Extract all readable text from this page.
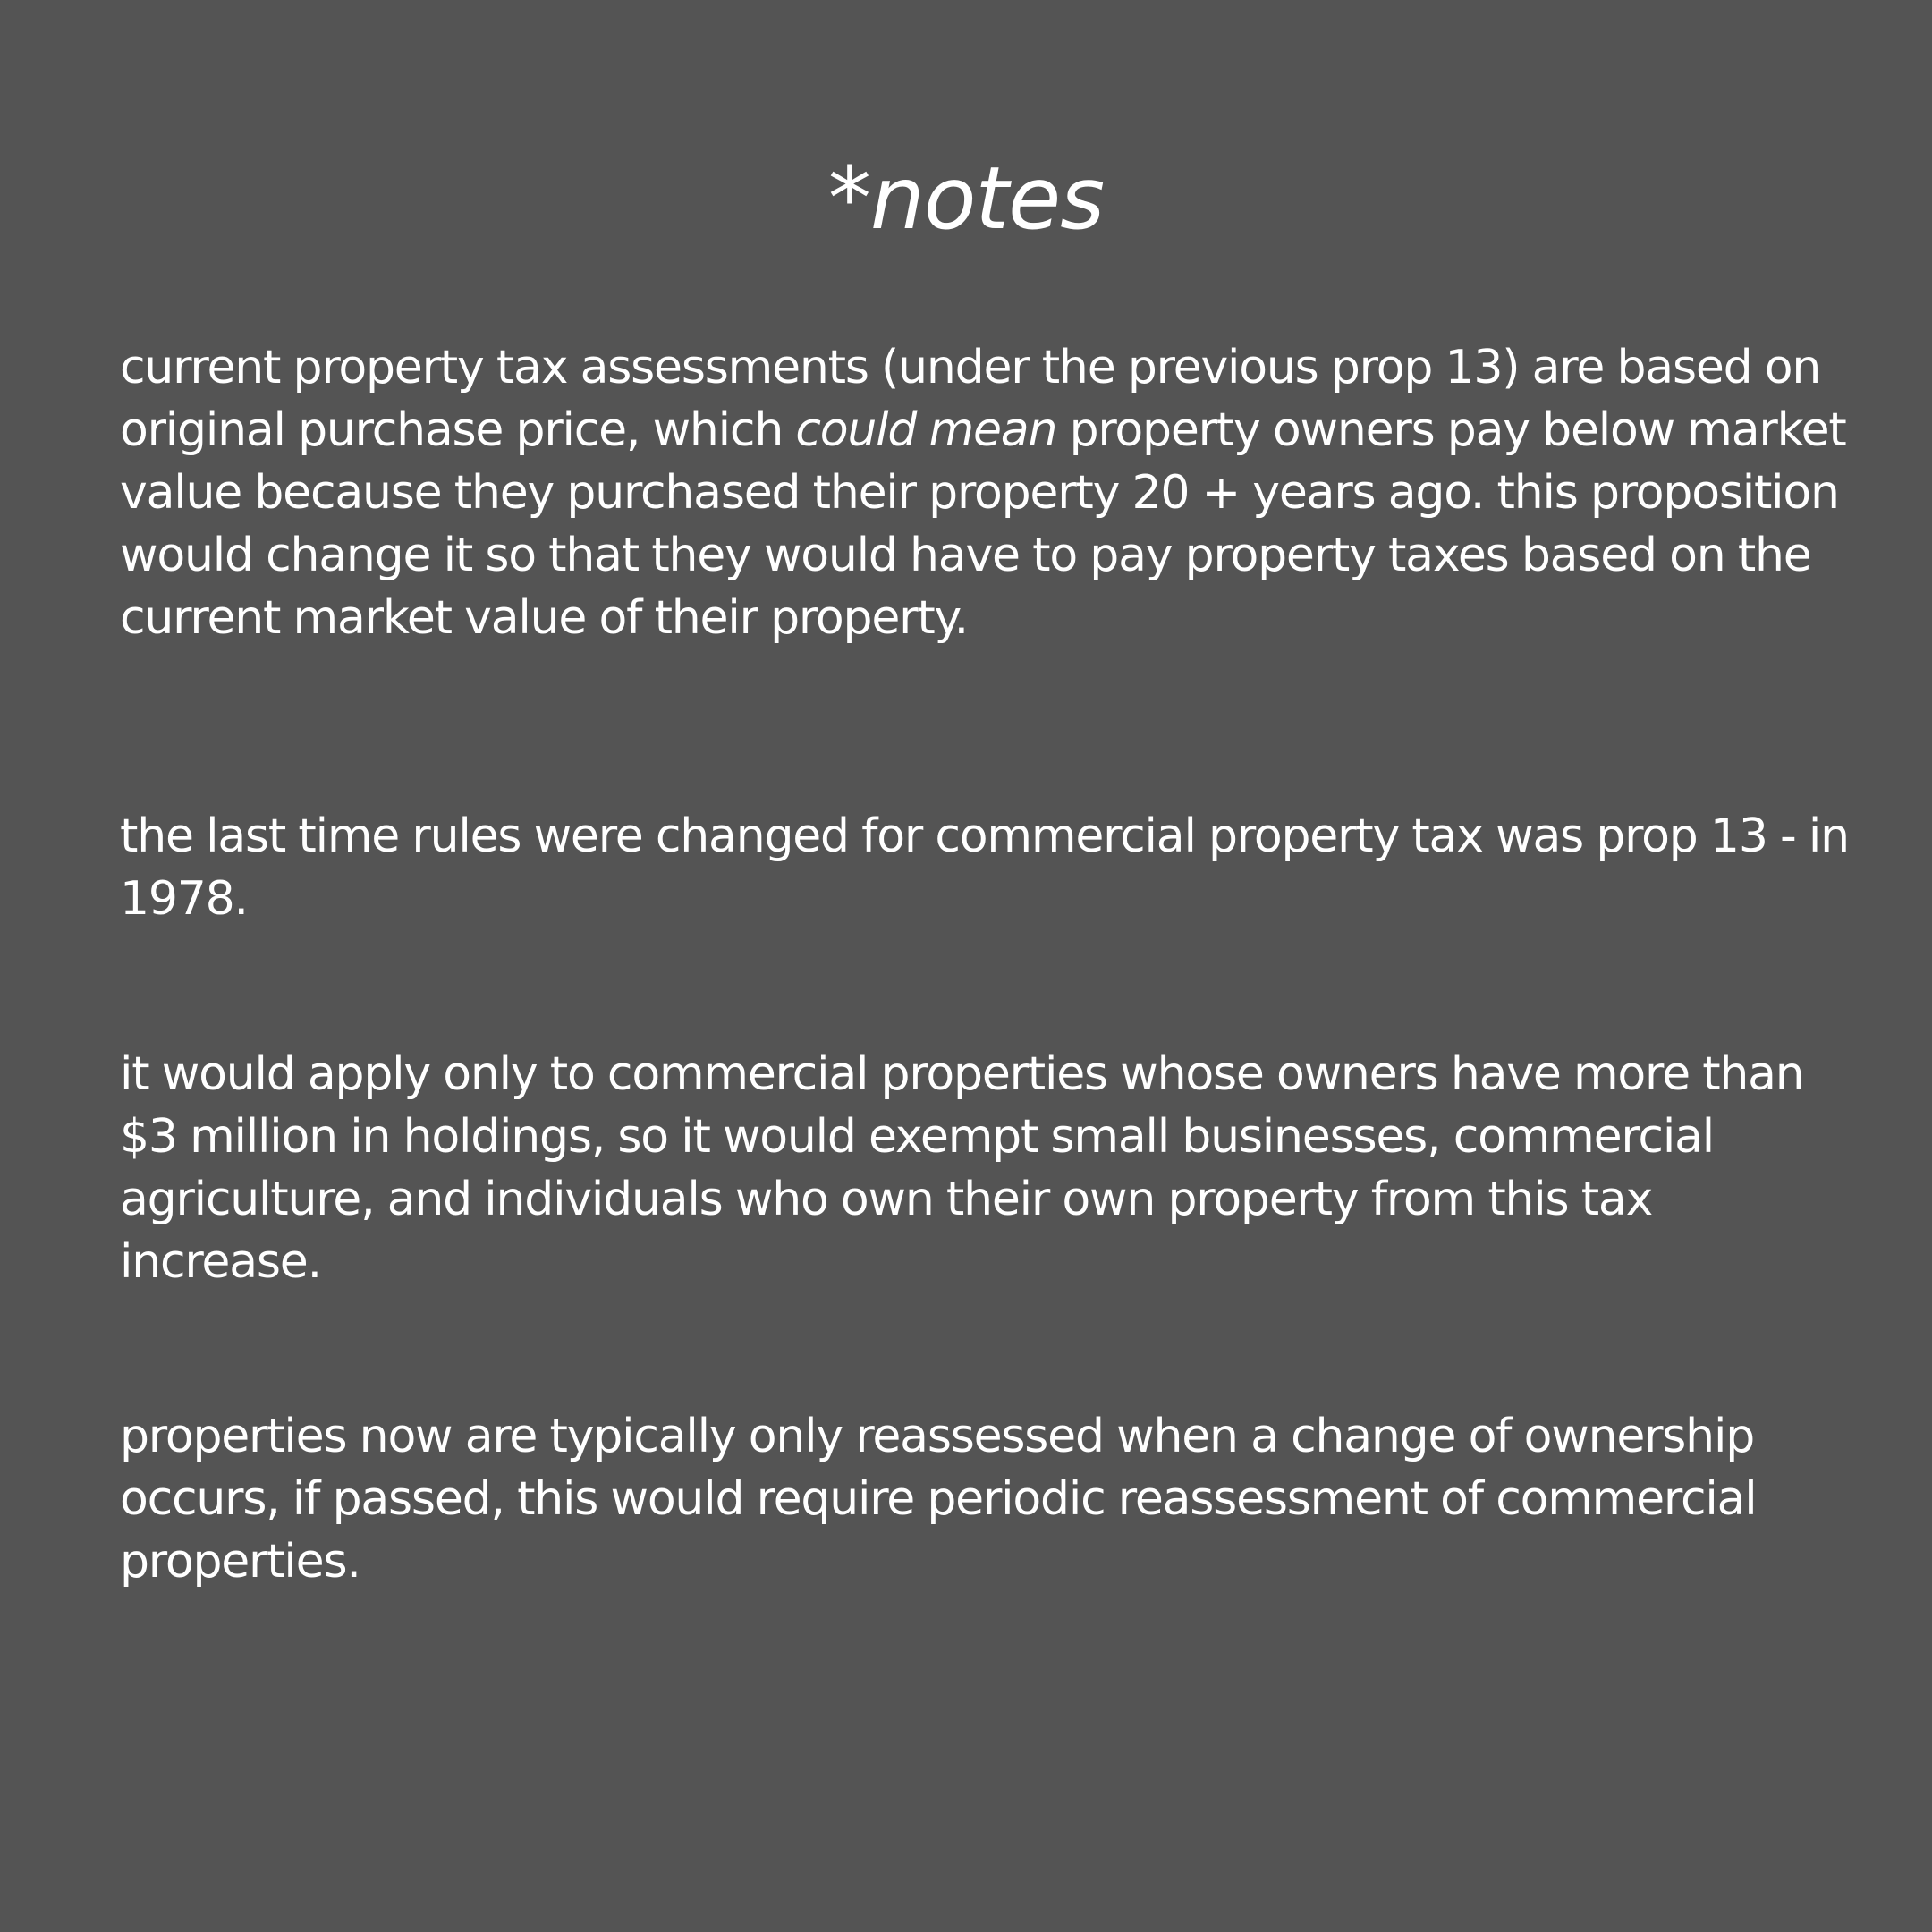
*notes

current property tax assessments (under the previous prop 13) are based on original purchase price, which could mean property owners pay below market value because they purchased their property 20 + years ago. this proposition would change it so that they would have to pay property taxes based on the current market value of their property.

the last time rules were changed for commercial property tax was prop 13 - in 1978.

it would apply only to commercial properties whose owners have more than $3 million in holdings, so it would exempt small businesses, commercial agriculture, and individuals who own their own property from this tax increase.

properties now are typically only reassessed when a change of ownership occurs, if passed, this would require periodic reassessment of commercial properties.
